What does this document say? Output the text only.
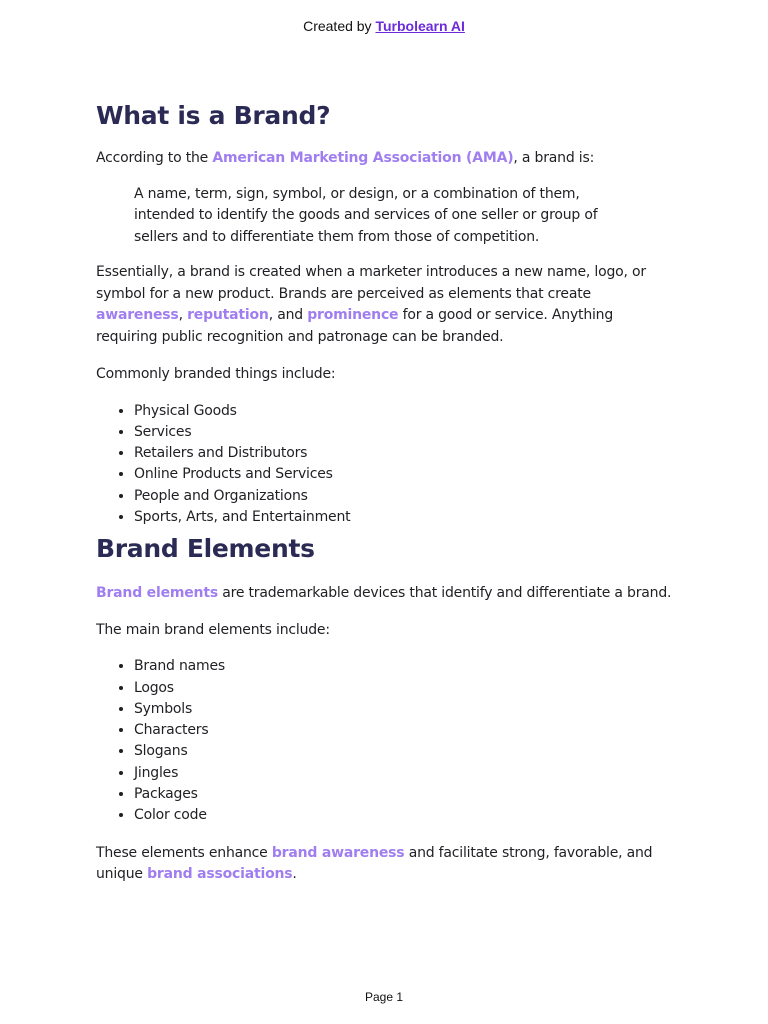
Created by Turbolearn AI
What is a Brand?

According to the American Marketing Association (AMA), a brand is:

A name, term, sign, symbol, or design, or a combination of them, intended to identify the goods and services of one seller or group of sellers and to differentiate them from those of competition.

Essentially, a brand is created when a marketer introduces a new name, logo, or symbol for a new product. Brands are perceived as elements that create awareness, reputation, and prominence for a good or service. Anything requiring public recognition and patronage can be branded.

Commonly branded things include:

• Physical Goods
• Services
• Retailers and Distributors
• Online Products and Services
• People and Organizations
• Sports, Arts, and Entertainment
Brand Elements

Brand elements are trademarkable devices that identify and differentiate a brand.

The main brand elements include:

• Brand names
• Logos
• Symbols
• Characters
• Slogans
• Jingles
• Packages
• Color code

These elements enhance brand awareness and facilitate strong, favorable, and unique brand associations.

Page 1
